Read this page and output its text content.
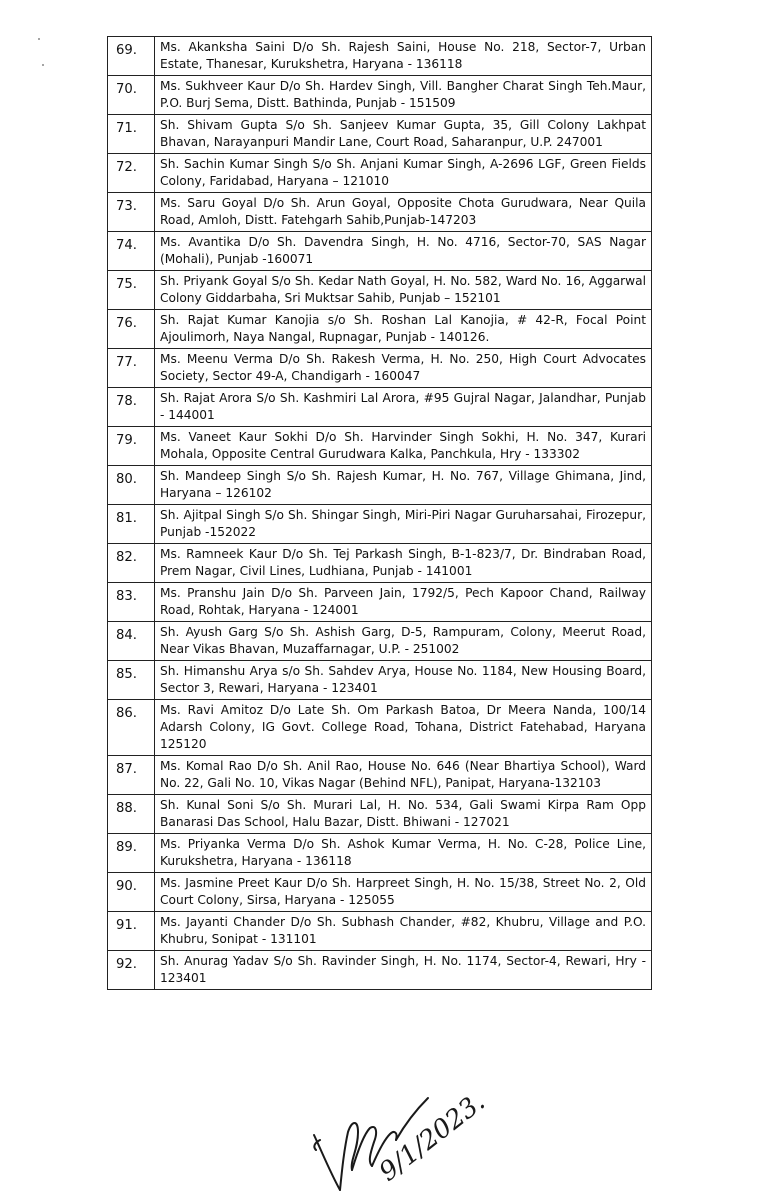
69.	Ms. Akanksha Saini D/o Sh. Rajesh Saini, House No. 218, Sector-7, Urban Estate, Thanesar, Kurukshetra, Haryana - 136118
70.	Ms. Sukhveer Kaur D/o Sh. Hardev Singh, Vill. Bangher Charat Singh Teh.Maur, P.O. Burj Sema, Distt. Bathinda, Punjab - 151509
71.	Sh. Shivam Gupta S/o Sh. Sanjeev Kumar Gupta, 35, Gill Colony Lakhpat Bhavan, Narayanpuri Mandir Lane, Court Road, Saharanpur, U.P. 247001
72.	Sh. Sachin Kumar Singh S/o Sh. Anjani Kumar Singh, A-2696 LGF, Green Fields Colony, Faridabad, Haryana – 121010
73.	Ms. Saru Goyal D/o Sh. Arun Goyal, Opposite Chota Gurudwara, Near Quila Road, Amloh, Distt. Fatehgarh Sahib,Punjab-147203
74.	Ms. Avantika D/o Sh. Davendra Singh, H. No. 4716, Sector-70, SAS Nagar (Mohali), Punjab -160071
75.	Sh. Priyank Goyal S/o Sh. Kedar Nath Goyal, H. No. 582, Ward No. 16, Aggarwal Colony Giddarbaha, Sri Muktsar Sahib, Punjab – 152101
76.	Sh. Rajat Kumar Kanojia s/o Sh. Roshan Lal Kanojia, # 42-R, Focal Point Ajoulimorh, Naya Nangal, Rupnagar, Punjab - 140126.
77.	Ms. Meenu Verma D/o Sh. Rakesh Verma, H. No. 250, High Court Advocates Society, Sector 49-A, Chandigarh - 160047
78.	Sh. Rajat Arora S/o Sh. Kashmiri Lal Arora, #95 Gujral Nagar, Jalandhar, Punjab - 144001
79.	Ms. Vaneet Kaur Sokhi D/o Sh. Harvinder Singh Sokhi, H. No. 347, Kurari Mohala, Opposite Central Gurudwara Kalka, Panchkula, Hry - 133302
80.	Sh. Mandeep Singh S/o Sh. Rajesh Kumar, H. No. 767, Village Ghimana, Jind, Haryana – 126102
81.	Sh. Ajitpal Singh S/o Sh. Shingar Singh, Miri-Piri Nagar Guruharsahai, Firozepur, Punjab -152022
82.	Ms. Ramneek Kaur D/o Sh. Tej Parkash Singh, B-1-823/7, Dr. Bindraban Road, Prem Nagar, Civil Lines, Ludhiana, Punjab - 141001
83.	Ms. Pranshu Jain D/o Sh. Parveen Jain, 1792/5, Pech Kapoor Chand, Railway Road, Rohtak, Haryana - 124001
84.	Sh. Ayush Garg S/o Sh. Ashish Garg, D-5, Rampuram, Colony, Meerut Road, Near Vikas Bhavan, Muzaffarnagar, U.P. - 251002
85.	Sh. Himanshu Arya s/o Sh. Sahdev Arya, House No. 1184, New Housing Board, Sector 3, Rewari, Haryana - 123401
86.	Ms. Ravi Amitoz D/o Late Sh. Om Parkash Batoa, Dr Meera Nanda, 100/14 Adarsh Colony, IG Govt. College Road, Tohana, District Fatehabad, Haryana 125120
87.	Ms. Komal Rao D/o Sh. Anil Rao, House No. 646 (Near Bhartiya School), Ward No. 22, Gali No. 10, Vikas Nagar (Behind NFL), Panipat, Haryana-132103
88.	Sh. Kunal Soni S/o Sh. Murari Lal, H. No. 534, Gali Swami Kirpa Ram Opp Banarasi Das School, Halu Bazar, Distt. Bhiwani - 127021
89.	Ms. Priyanka Verma D/o Sh. Ashok Kumar Verma, H. No. C-28, Police Line, Kurukshetra, Haryana - 136118
90.	Ms. Jasmine Preet Kaur D/o Sh. Harpreet Singh, H. No. 15/38, Street No. 2, Old Court Colony, Sirsa, Haryana - 125055
91.	Ms. Jayanti Chander D/o Sh. Subhash Chander, #82, Khubru, Village and P.O. Khubru, Sonipat - 131101
92.	Sh. Anurag Yadav S/o Sh. Ravinder Singh, H. No. 1174, Sector-4, Rewari, Hry - 123401
9/1/2023.
